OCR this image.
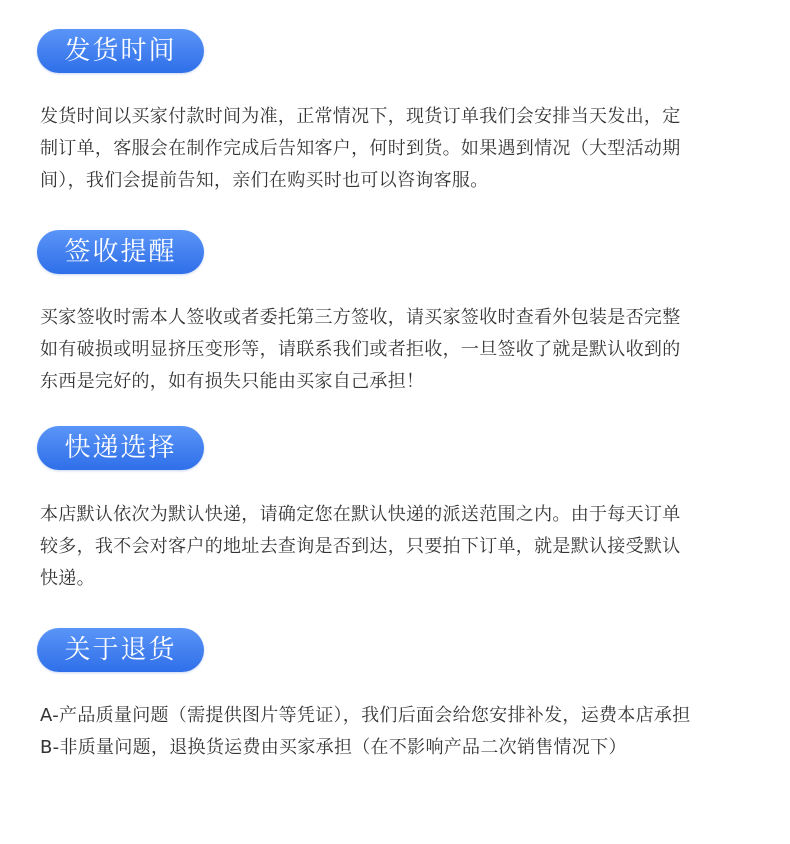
发货时间
发货时间以买家付款时间为准，正常情况下，现货订单我们会安排当天发出，定
制订单，客服会在制作完成后告知客户，何时到货。如果遇到情况（大型活动期
间），我们会提前告知，亲们在购买时也可以咨询客服。
签收提醒
买家签收时需本人签收或者委托第三方签收，请买家签收时查看外包装是否完整
如有破损或明显挤压变形等，请联系我们或者拒收，一旦签收了就是默认收到的
东西是完好的，如有损失只能由买家自己承担！
快递选择
本店默认依次为默认快递，请确定您在默认快递的派送范围之内。由于每天订单
较多，我不会对客户的地址去查询是否到达，只要拍下订单，就是默认接受默认
快递。
关于退货
A-产品质量问题（需提供图片等凭证），我们后面会给您安排补发，运费本店承担
B-非质量问题，退换货运费由买家承担（在不影响产品二次销售情况下）
